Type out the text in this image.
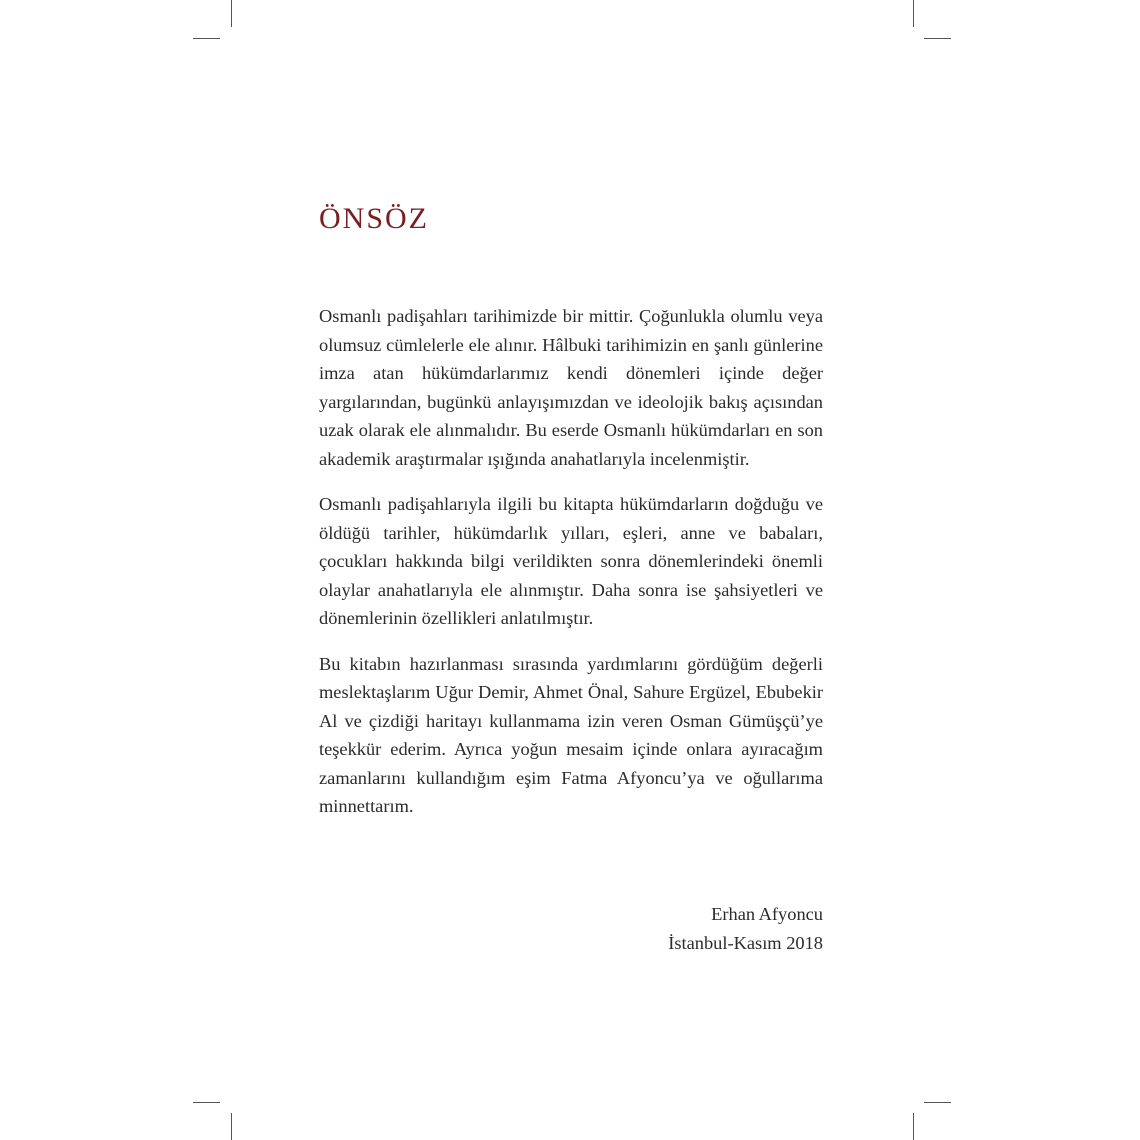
ÖNSÖZ

Osmanlı padişahları tarihimizde bir mittir. Çoğunlukla olumlu veya olumsuz cümlelerle ele alınır. Hâlbuki tarihimizin en şanlı günlerine imza atan hükümdarlarımız kendi dönemleri içinde değer yargılarından, bugünkü anlayışımızdan ve ideolojik bakış açısından uzak olarak ele alınmalıdır. Bu eserde Osmanlı hükümdarları en son akademik araştırmalar ışığında anahatlarıyla incelenmiştir.

Osmanlı padişahlarıyla ilgili bu kitapta hükümdarların doğduğu ve öldüğü tarihler, hükümdarlık yılları, eşleri, anne ve babaları, çocukları hakkında bilgi verildikten sonra dönemlerindeki önemli olaylar anahatlarıyla ele alınmıştır. Daha sonra ise şahsiyetleri ve dönemlerinin özellikleri anlatılmıştır.

Bu kitabın hazırlanması sırasında yardımlarını gördüğüm değerli meslektaşlarım Uğur Demir, Ahmet Önal, Sahure Ergüzel, Ebubekir Al ve çizdiği haritayı kullanmama izin veren Osman Gümüşçü’ye teşekkür ederim. Ayrıca yoğun mesaim içinde onlara ayıracağım zamanlarını kullandığım eşim Fatma Afyoncu’ya ve oğullarıma minnettarım.

Erhan Afyoncu
İstanbul-Kasım 2018
